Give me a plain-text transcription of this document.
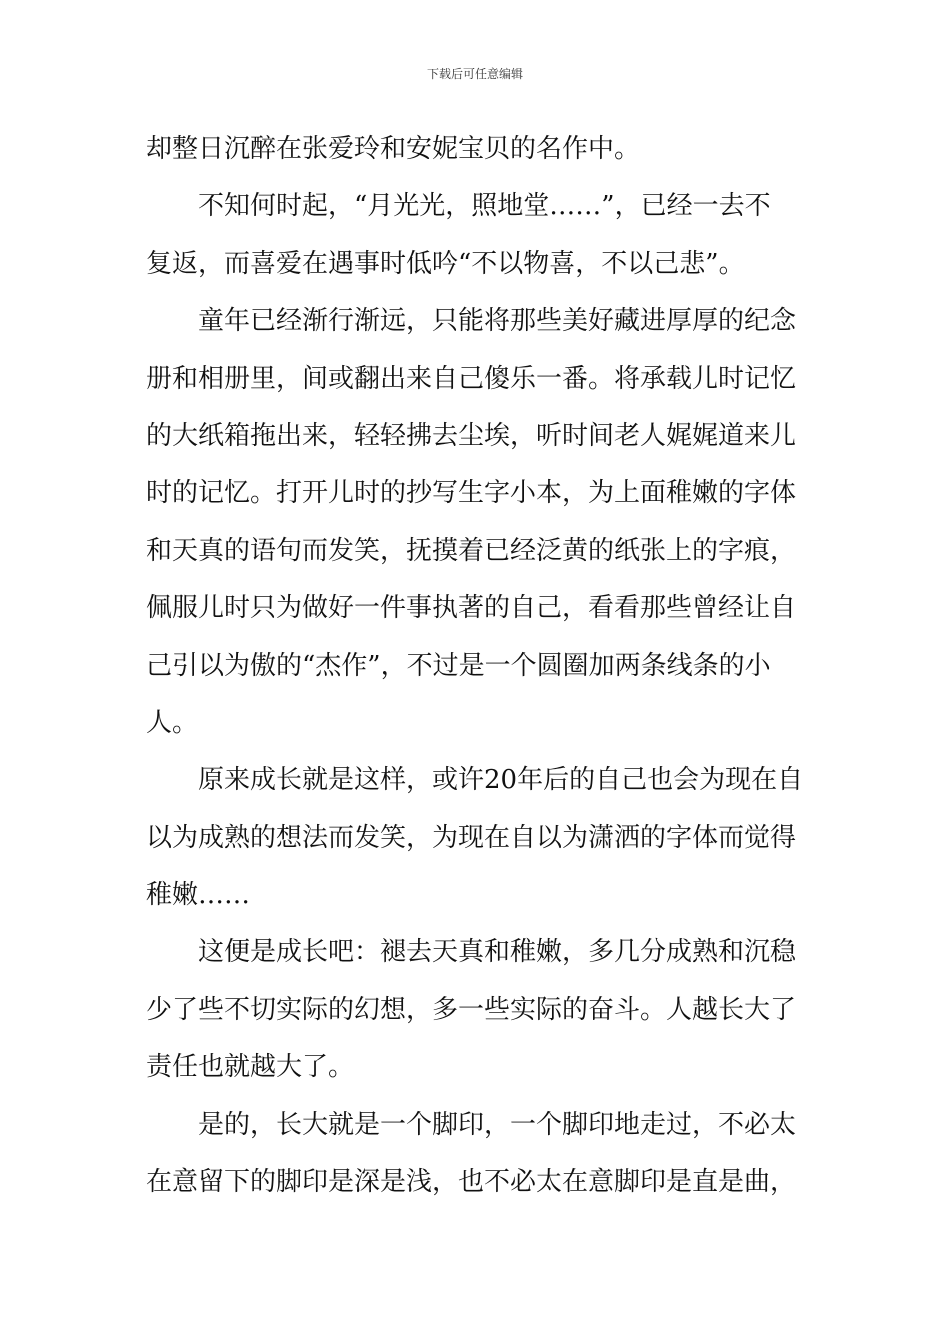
下载后可任意编辑
却整日沉醉在张爱玲和安妮宝贝的名作中。
不知何时起，“月光光，照地堂……”，已经一去不
复返，而喜爱在遇事时低吟“不以物喜，不以己悲”。
童年已经渐行渐远，只能将那些美好藏进厚厚的纪念
册和相册里，间或翻出来自己傻乐一番。将承载儿时记忆
的大纸箱拖出来，轻轻拂去尘埃，听时间老人娓娓道来儿
时的记忆。打开儿时的抄写生字小本，为上面稚嫩的字体
和天真的语句而发笑，抚摸着已经泛黄的纸张上的字痕，
佩服儿时只为做好一件事执著的自己，看看那些曾经让自
己引以为傲的“杰作”，不过是一个圆圈加两条线条的小
人。
原来成长就是这样，或许20年后的自己也会为现在自
以为成熟的想法而发笑，为现在自以为潇洒的字体而觉得
稚嫩……
这便是成长吧：褪去天真和稚嫩，多几分成熟和沉稳
少了些不切实际的幻想，多一些实际的奋斗。人越长大了
责任也就越大了。
是的，长大就是一个脚印，一个脚印地走过，不必太
在意留下的脚印是深是浅，也不必太在意脚印是直是曲，
